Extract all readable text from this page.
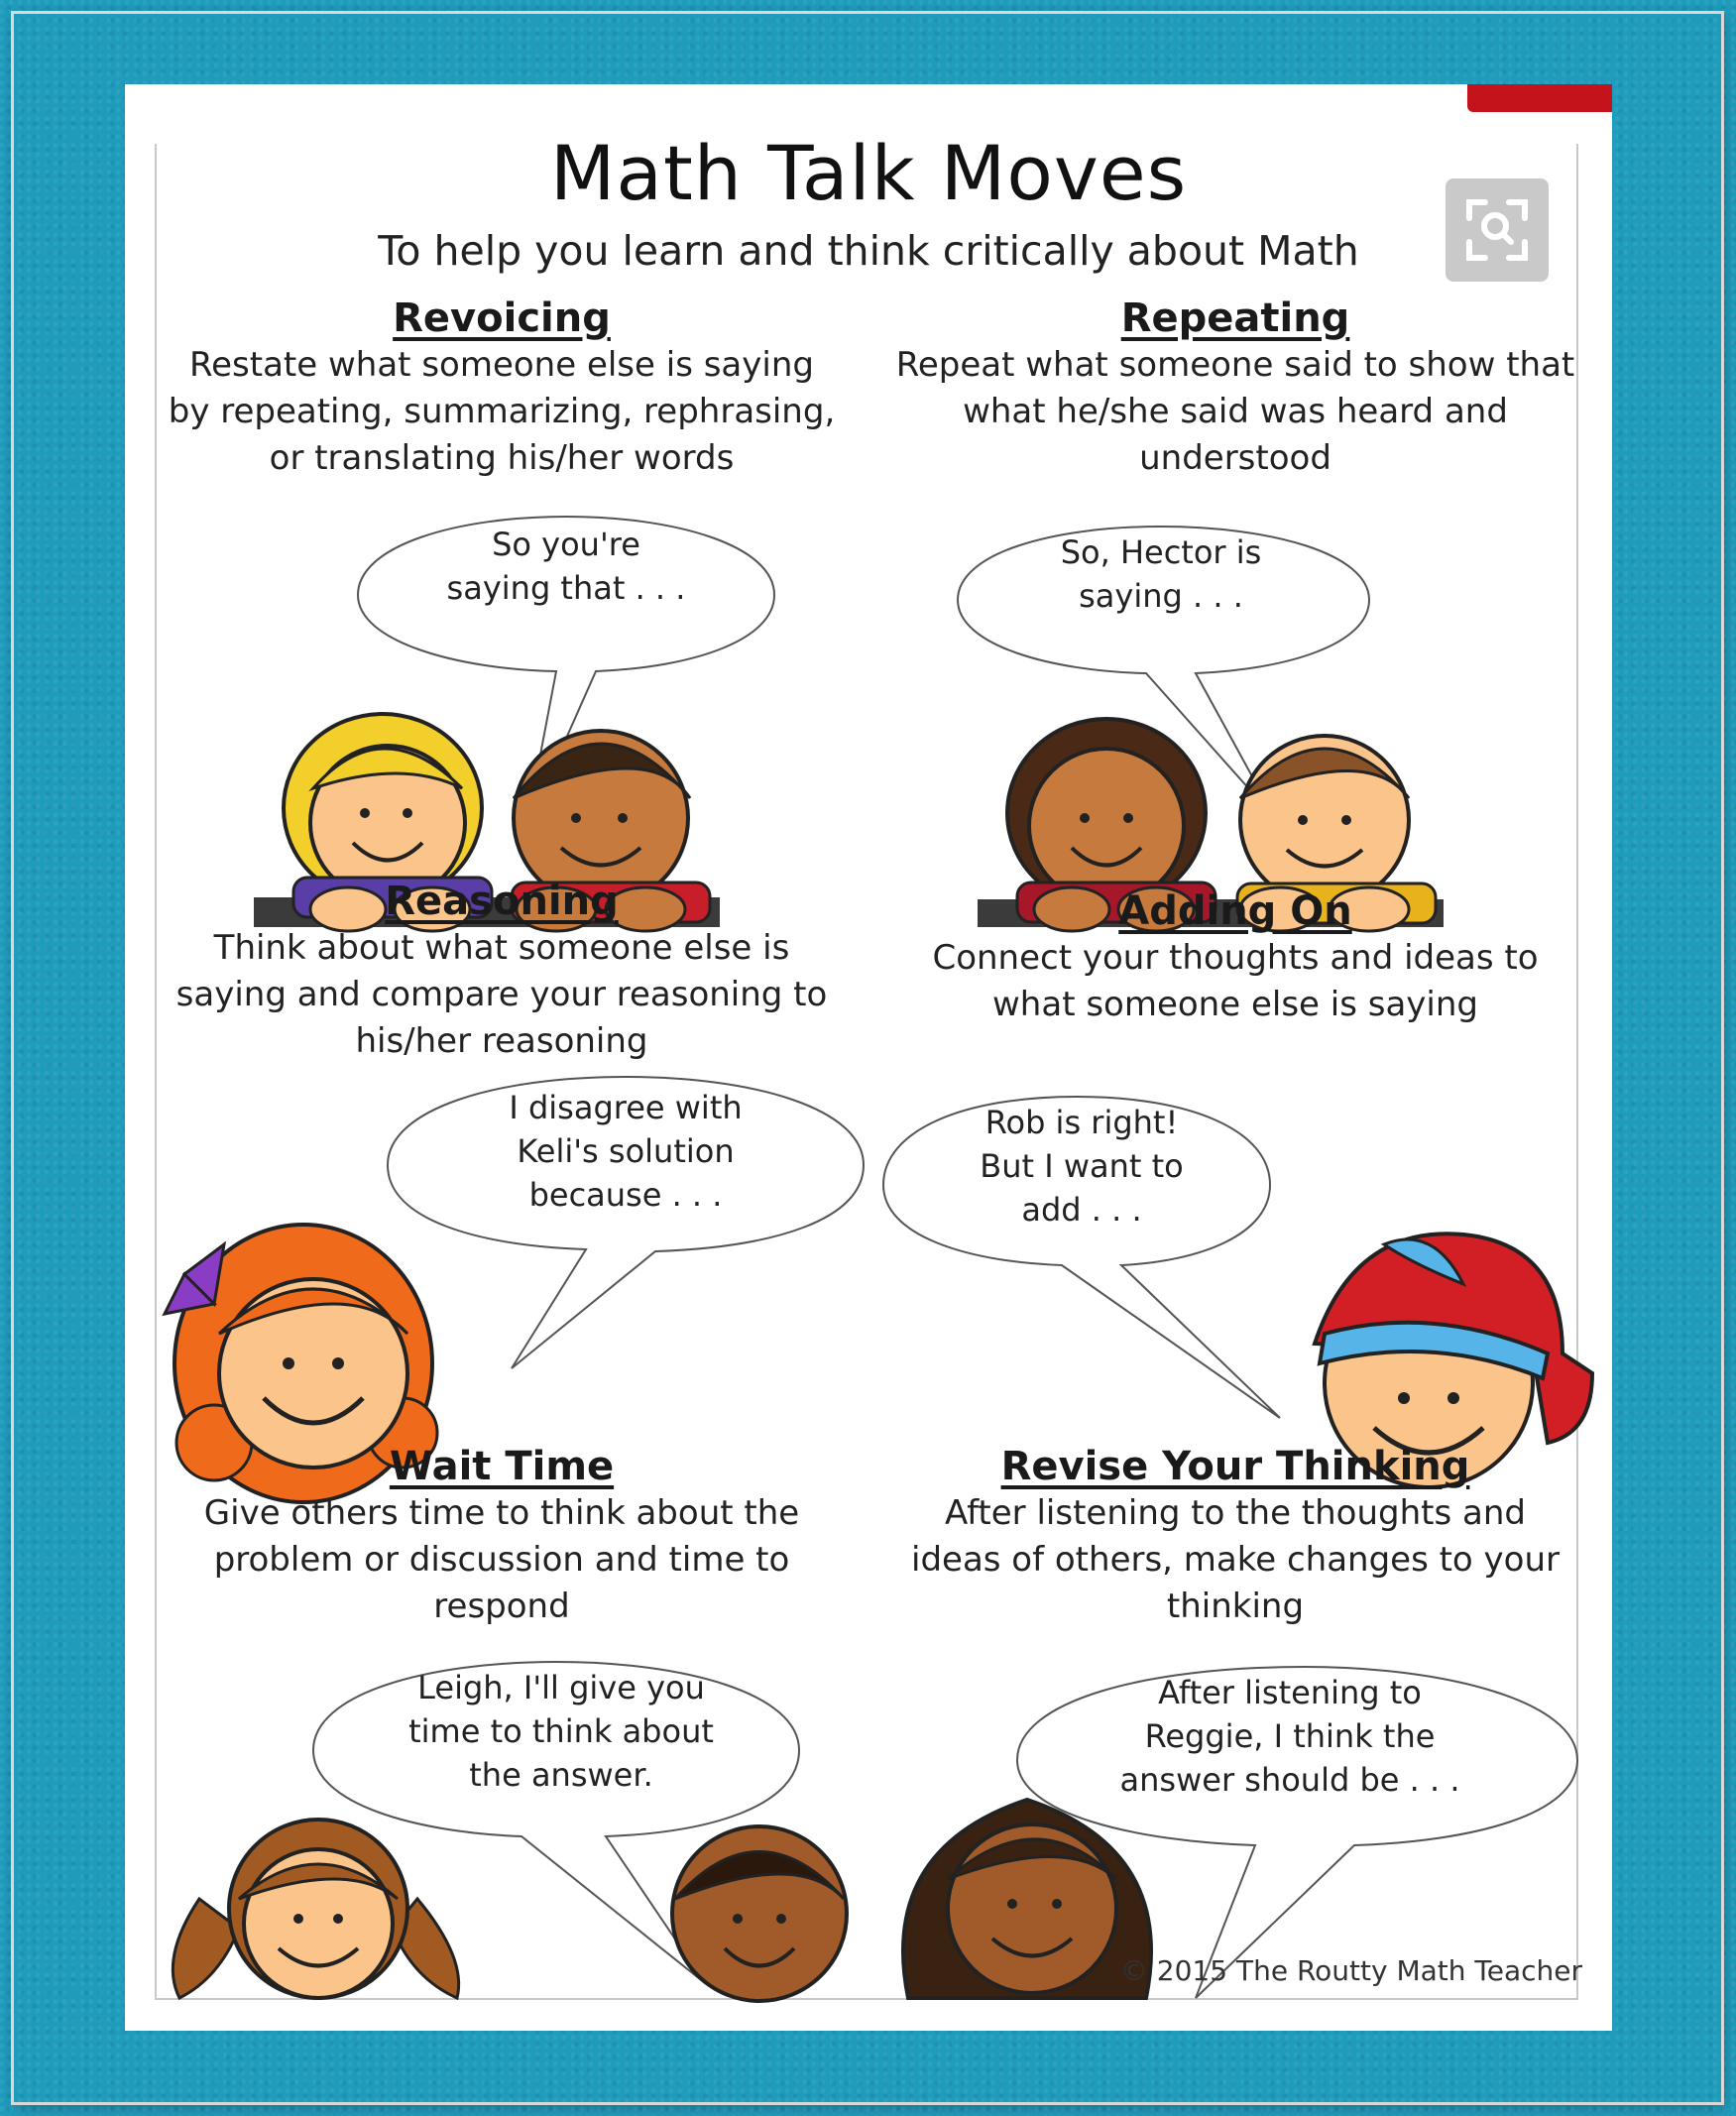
Math Talk Moves
To help you learn and think critically about Math
Revoicing
Restate what someone else is saying
by repeating, summarizing, rephrasing,
or translating his/her words
Repeating
Repeat what someone said to show that
what he/she said was heard and
understood
So you're
saying that . . .
So, Hector is
saying . . .
Reasoning
Think about what someone else is
saying and compare your reasoning to
his/her reasoning
Adding On
Connect your thoughts and ideas to
what someone else is saying
I disagree with
Keli's solution
because . . .
Rob is right!
But I want to
add . . .
Wait Time
Give others time to think about the
problem or discussion and time to
respond
Revise Your Thinking
After listening to the thoughts and
ideas of others, make changes to your
thinking
Leigh, I'll give you
time to think about
the answer.
After listening to
Reggie, I think the
answer should be . . .
© 2015 The Routty Math Teacher
